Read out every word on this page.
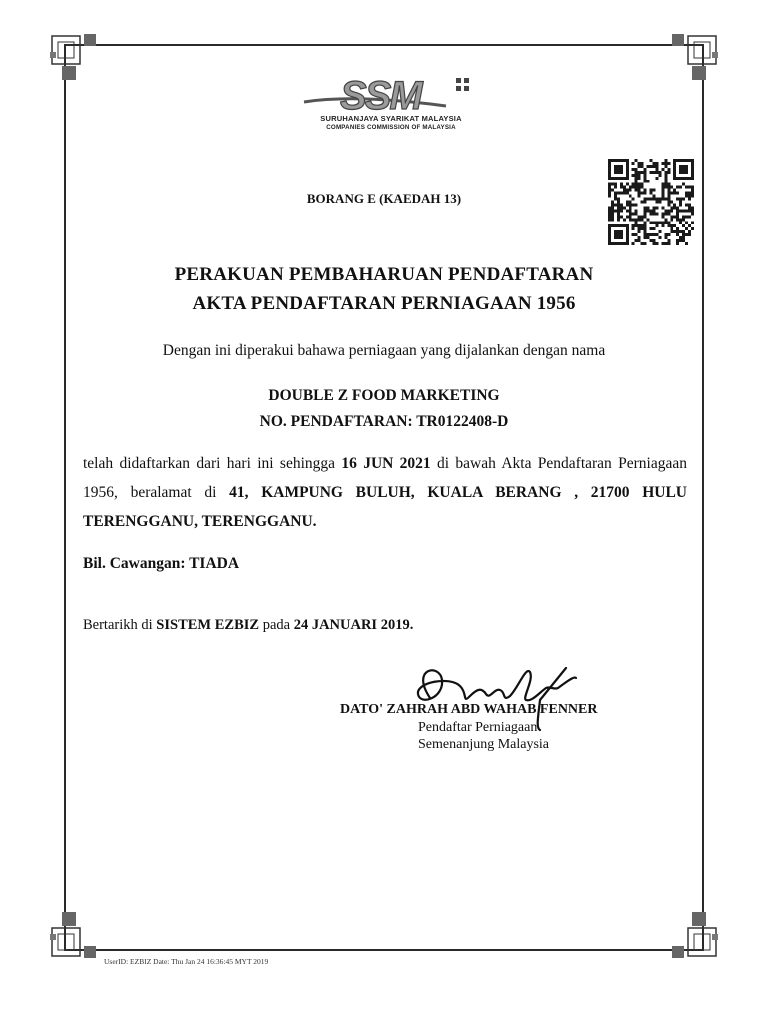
SSM
SURUHANJAYA SYARIKAT MALAYSIA
COMPANIES COMMISSION OF MALAYSIA
BORANG E (KAEDAH 13)
PERAKUAN PEMBAHARUAN PENDAFTARAN
AKTA PENDAFTARAN PERNIAGAAN 1956
Dengan ini diperakui bahawa perniagaan yang dijalankan dengan nama
DOUBLE Z FOOD MARKETING
NO. PENDAFTARAN: TR0122408-D
telah didaftarkan dari hari ini sehingga 16 JUN 2021 di bawah Akta Pendaftaran Perniagaan 1956, beralamat di 41, KAMPUNG BULUH, KUALA BERANG , 21700 HULU TERENGGANU, TERENGGANU.
Bil. Cawangan: TIADA
Bertarikh di SISTEM EZBIZ pada 24 JANUARI 2019.
DATO' ZAHRAH ABD WAHAB FENNER
Pendaftar Perniagaan
Semenanjung Malaysia
UserID: EZBIZ Date: Thu Jan 24 16:36:45 MYT 2019
